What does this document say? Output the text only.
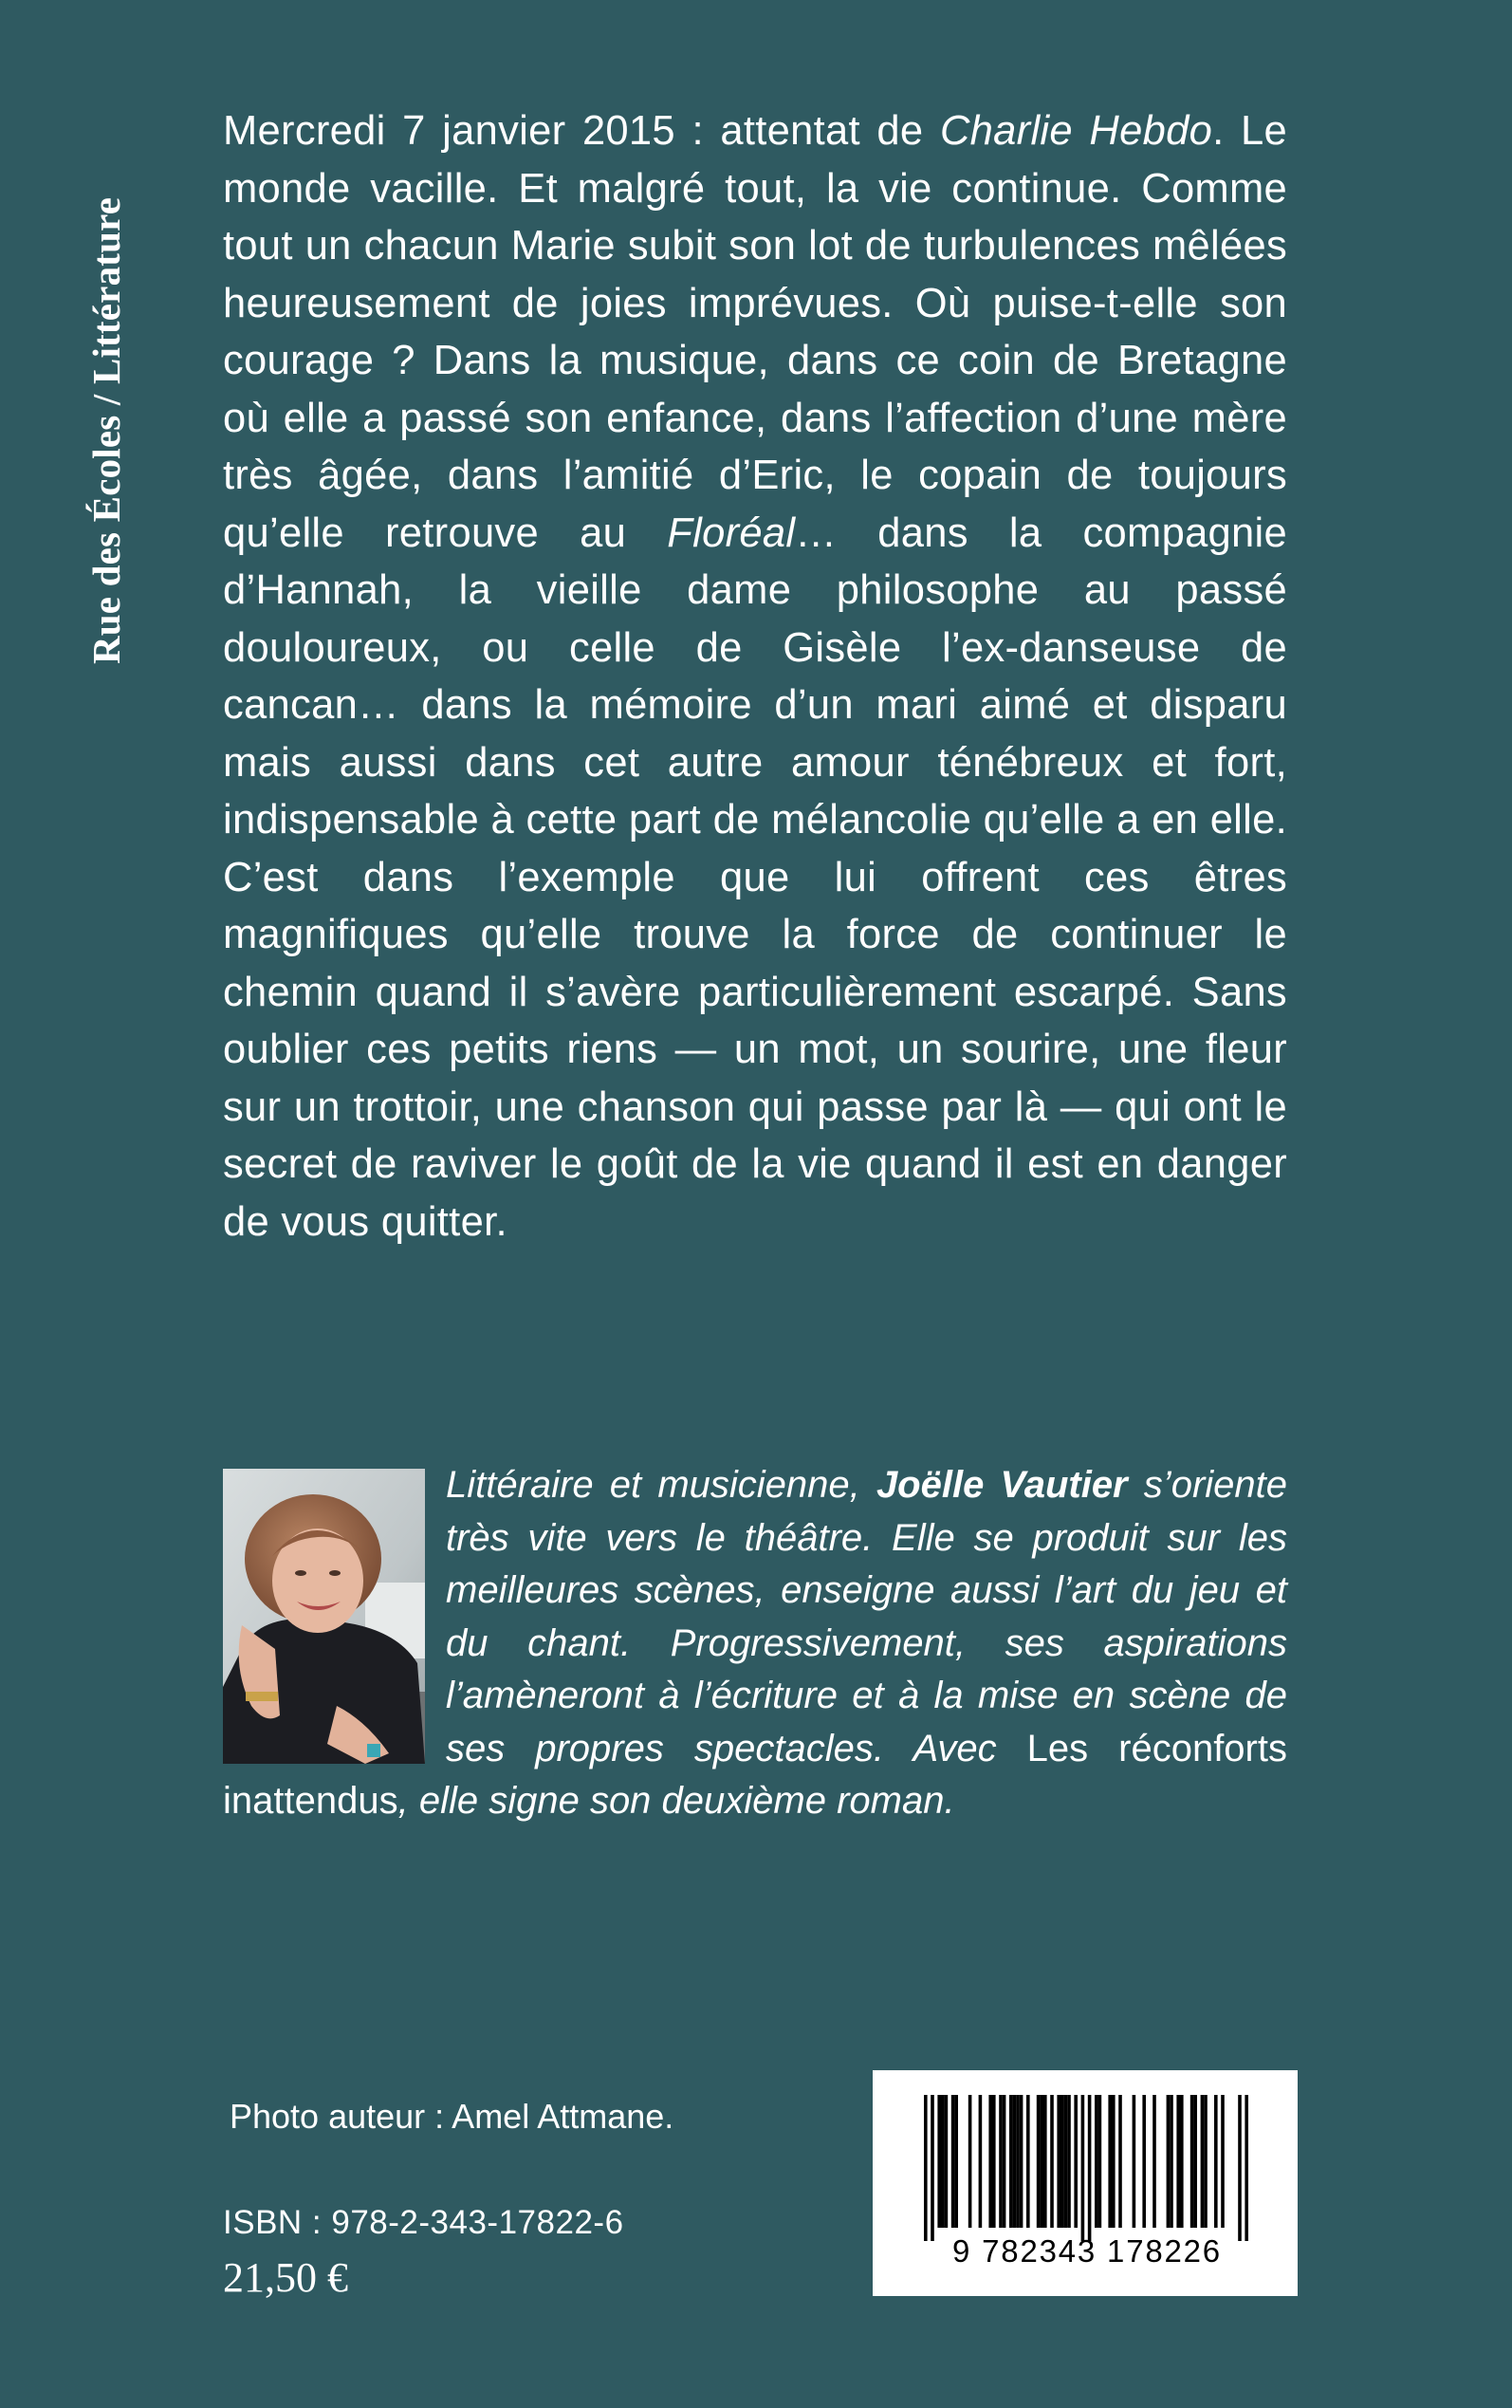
Rue des Écoles / Littérature

Mercredi 7 janvier 2015 : attentat de Charlie Hebdo. Le monde vacille. Et malgré tout, la vie continue. Comme tout un chacun Marie subit son lot de turbulences mêlées heureusement de joies imprévues. Où puise-t-elle son courage ? Dans la musique, dans ce coin de Bretagne où elle a passé son enfance, dans l’affection d’une mère très âgée, dans l’amitié d’Eric, le copain de toujours qu’elle retrouve au Floréal… dans la compagnie d’Hannah, la vieille dame philosophe au passé douloureux, ou celle de Gisèle l’ex-danseuse de cancan… dans la mémoire d’un mari aimé et disparu mais aussi dans cet autre amour ténébreux et fort, indispensable à cette part de mélancolie qu’elle a en elle. C’est dans l’exemple que lui offrent ces êtres magnifiques qu’elle trouve la force de continuer le chemin quand il s’avère particulièrement escarpé. Sans oublier ces petits riens — un mot, un sourire, une fleur sur un trottoir, une chanson qui passe par là — qui ont le secret de raviver le goût de la vie quand il est en danger de vous quitter.

Littéraire et musicienne, Joëlle Vautier s’oriente très vite vers le théâtre. Elle se produit sur les meilleures scènes, enseigne aussi l’art du jeu et du chant. Progressivement, ses aspirations l’amèneront à l’écriture et à la mise en scène de ses propres spectacles. Avec Les réconforts inattendus, elle signe son deuxième roman.

Photo auteur : Amel Attmane.
ISBN : 978-2-343-17822-6
21,50 €
9 782343 178226
